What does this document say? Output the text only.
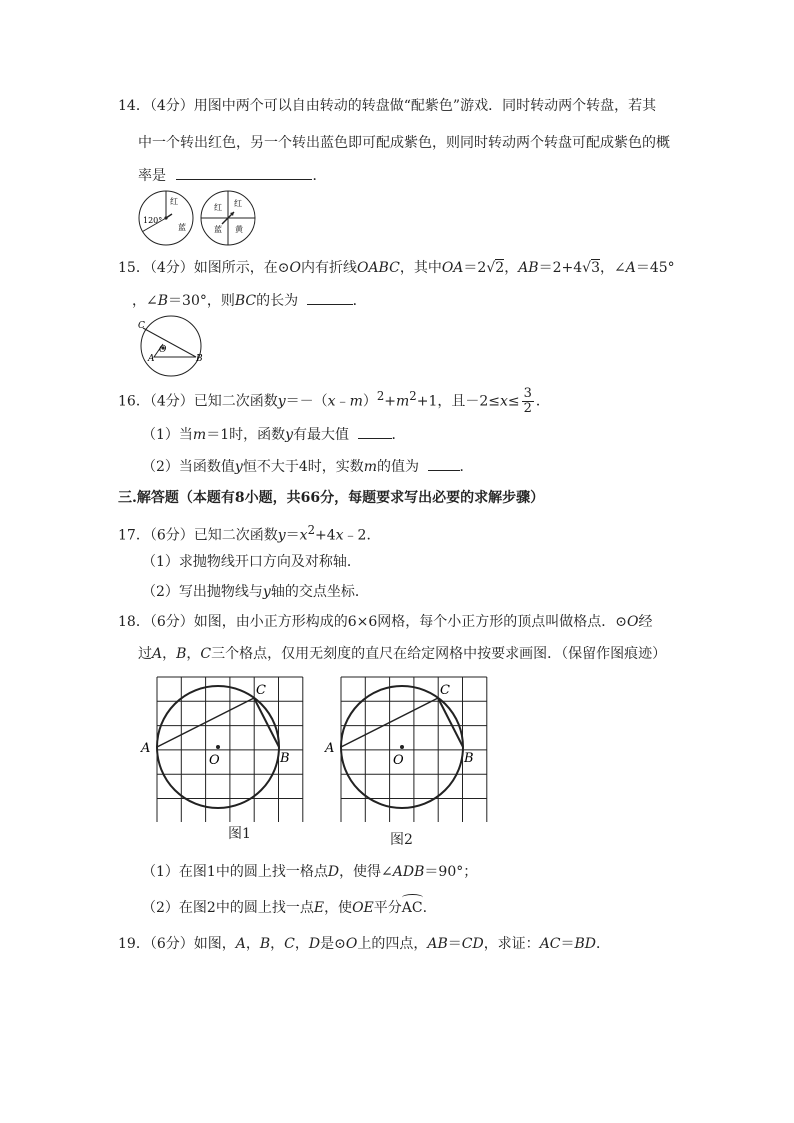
14．（4分）用图中两个可以自由转动的转盘做“配紫色”游戏．同时转动两个转盘，若其
中一个转出红色，另一个转出蓝色即可配成紫色，则同时转动两个转盘可配成紫色的概
率是	．
120°
红
蓝
红 红
蓝 黄
15．（4分）如图所示，在⊙O内有折线OABC，其中OA＝2√2，AB＝2+4√3，∠A＝45°
，∠B＝30°，则BC的长为	．
C
O
A	B
16．（4分）已知二次函数$y=-(x﹣m)^2+m^2+1$，且$-2\le x\le \frac{3}{2}$ ．
（1）当m＝1时，函数y有最大值	．
（2）当函数值y恒不大于4时，实数m的值为	．
三.解答题（本题有8小题，共66分，每题要求写出必要的求解步骤）
17．（6分）已知二次函数$y=x^2+4x﹣2$．
（1）求抛物线开口方向及对称轴．
（2）写出抛物线与y轴的交点坐标．
18．（6分）如图，由小正方形构成的6×6网格，每个小正方形的顶点叫做格点．⊙O经
过A，B，C三个格点，仅用无刻度的直尺在给定网格中按要求画图．（保留作图痕迹）
A
C
B
O
A
C
B
O
图1	图2
（1）在图1中的圆上找一格点D，使得∠ADB＝90°；
（2）在图2中的圆上找一点E，使OE平分AC.
19．（6分）如图，A，B，C，D是⊙O上的四点，AB＝CD，求证：AC＝BD．
